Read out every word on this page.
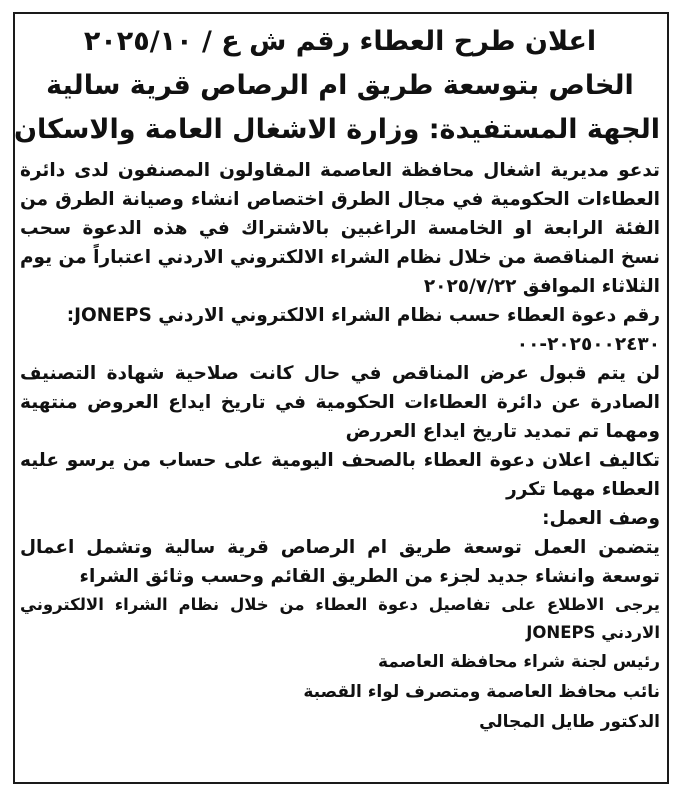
اعلان طرح العطاء رقم ش ع / ٢٠٢٥/١٠
الخاص بتوسعة طريق ام الرصاص قرية سالية
الجهة المستفيدة: وزارة الاشغال العامة والاسكان

تدعو مديرية اشغال محافظة العاصمة المقاولون المصنفون لدى دائرة العطاءات الحكومية في مجال الطرق اختصاص انشاء وصيانة الطرق من الفئة الرابعة او الخامسة الراغبين بالاشتراك في هذه الدعوة سحب نسخ المناقصة من خلال نظام الشراء الالكتروني الاردني اعتباراً من يوم الثلاثاء الموافق ٢٠٢٥/٧/٢٢

رقم دعوة العطاء حسب نظام الشراء الالكتروني الاردني JONEPS:

٢٠٢٥٠٠٢٤٣٠-٠٠

لن يتم قبول عرض المناقص في حال كانت صلاحية شهادة التصنيف الصادرة عن دائرة العطاءات الحكومية في تاريخ ايداع العروض منتهية ومهما تم تمديد تاريخ ايداع العررض

تكاليف اعلان دعوة العطاء بالصحف اليومية على حساب من يرسو عليه العطاء مهما تكرر

وصف العمل:

يتضمن العمل توسعة طريق ام الرصاص قرية سالية وتشمل اعمال توسعة وانشاء جديد لجزء من الطريق القائم وحسب وثائق الشراء

يرجى الاطلاع على تفاصيل دعوة العطاء من خلال نظام الشراء الالكتروني الاردني JONEPS

رئيس لجنة شراء محافظة العاصمة

نائب محافظ العاصمة ومتصرف لواء القصبة

الدكتور طايل المجالي
